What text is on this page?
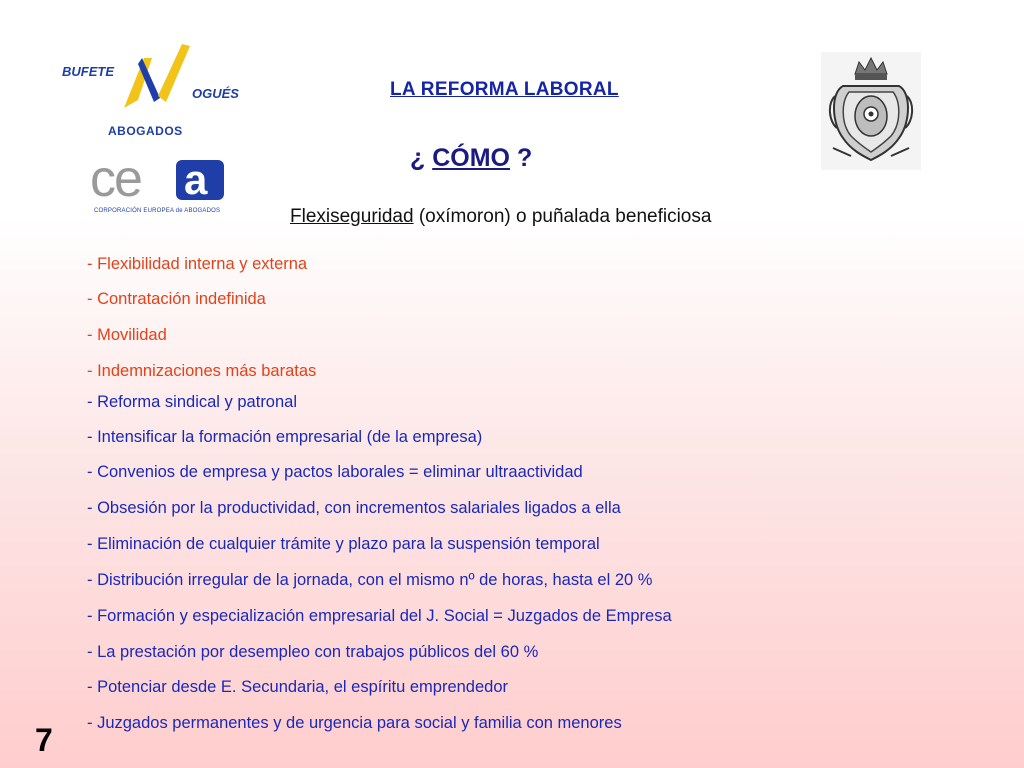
BUFETE
OGUÉS
ABOGADOS
ce a
CORPORACIÓN EUROPEA de ABOGADOS
LA REFORMA LABORAL
¿ CÓMO ?
Flexiseguridad (oxímoron) o puñalada beneficiosa
- Flexibilidad interna y externa
- Contratación indefinida
- Movilidad
- Indemnizaciones más baratas
- Reforma sindical y patronal
- Intensificar la formación empresarial (de la empresa)
- Convenios de empresa y pactos laborales = eliminar ultraactividad
- Obsesión por la productividad, con incrementos salariales ligados a ella
- Eliminación de cualquier trámite y plazo para la suspensión temporal
- Distribución irregular de la jornada, con el mismo nº de horas, hasta el 20 %
- Formación y especialización empresarial del J. Social = Juzgados de Empresa
- La prestación por desempleo con trabajos públicos del 60 %
- Potenciar desde E. Secundaria, el espíritu emprendedor
- Juzgados permanentes y de urgencia para social y familia con menores
7
